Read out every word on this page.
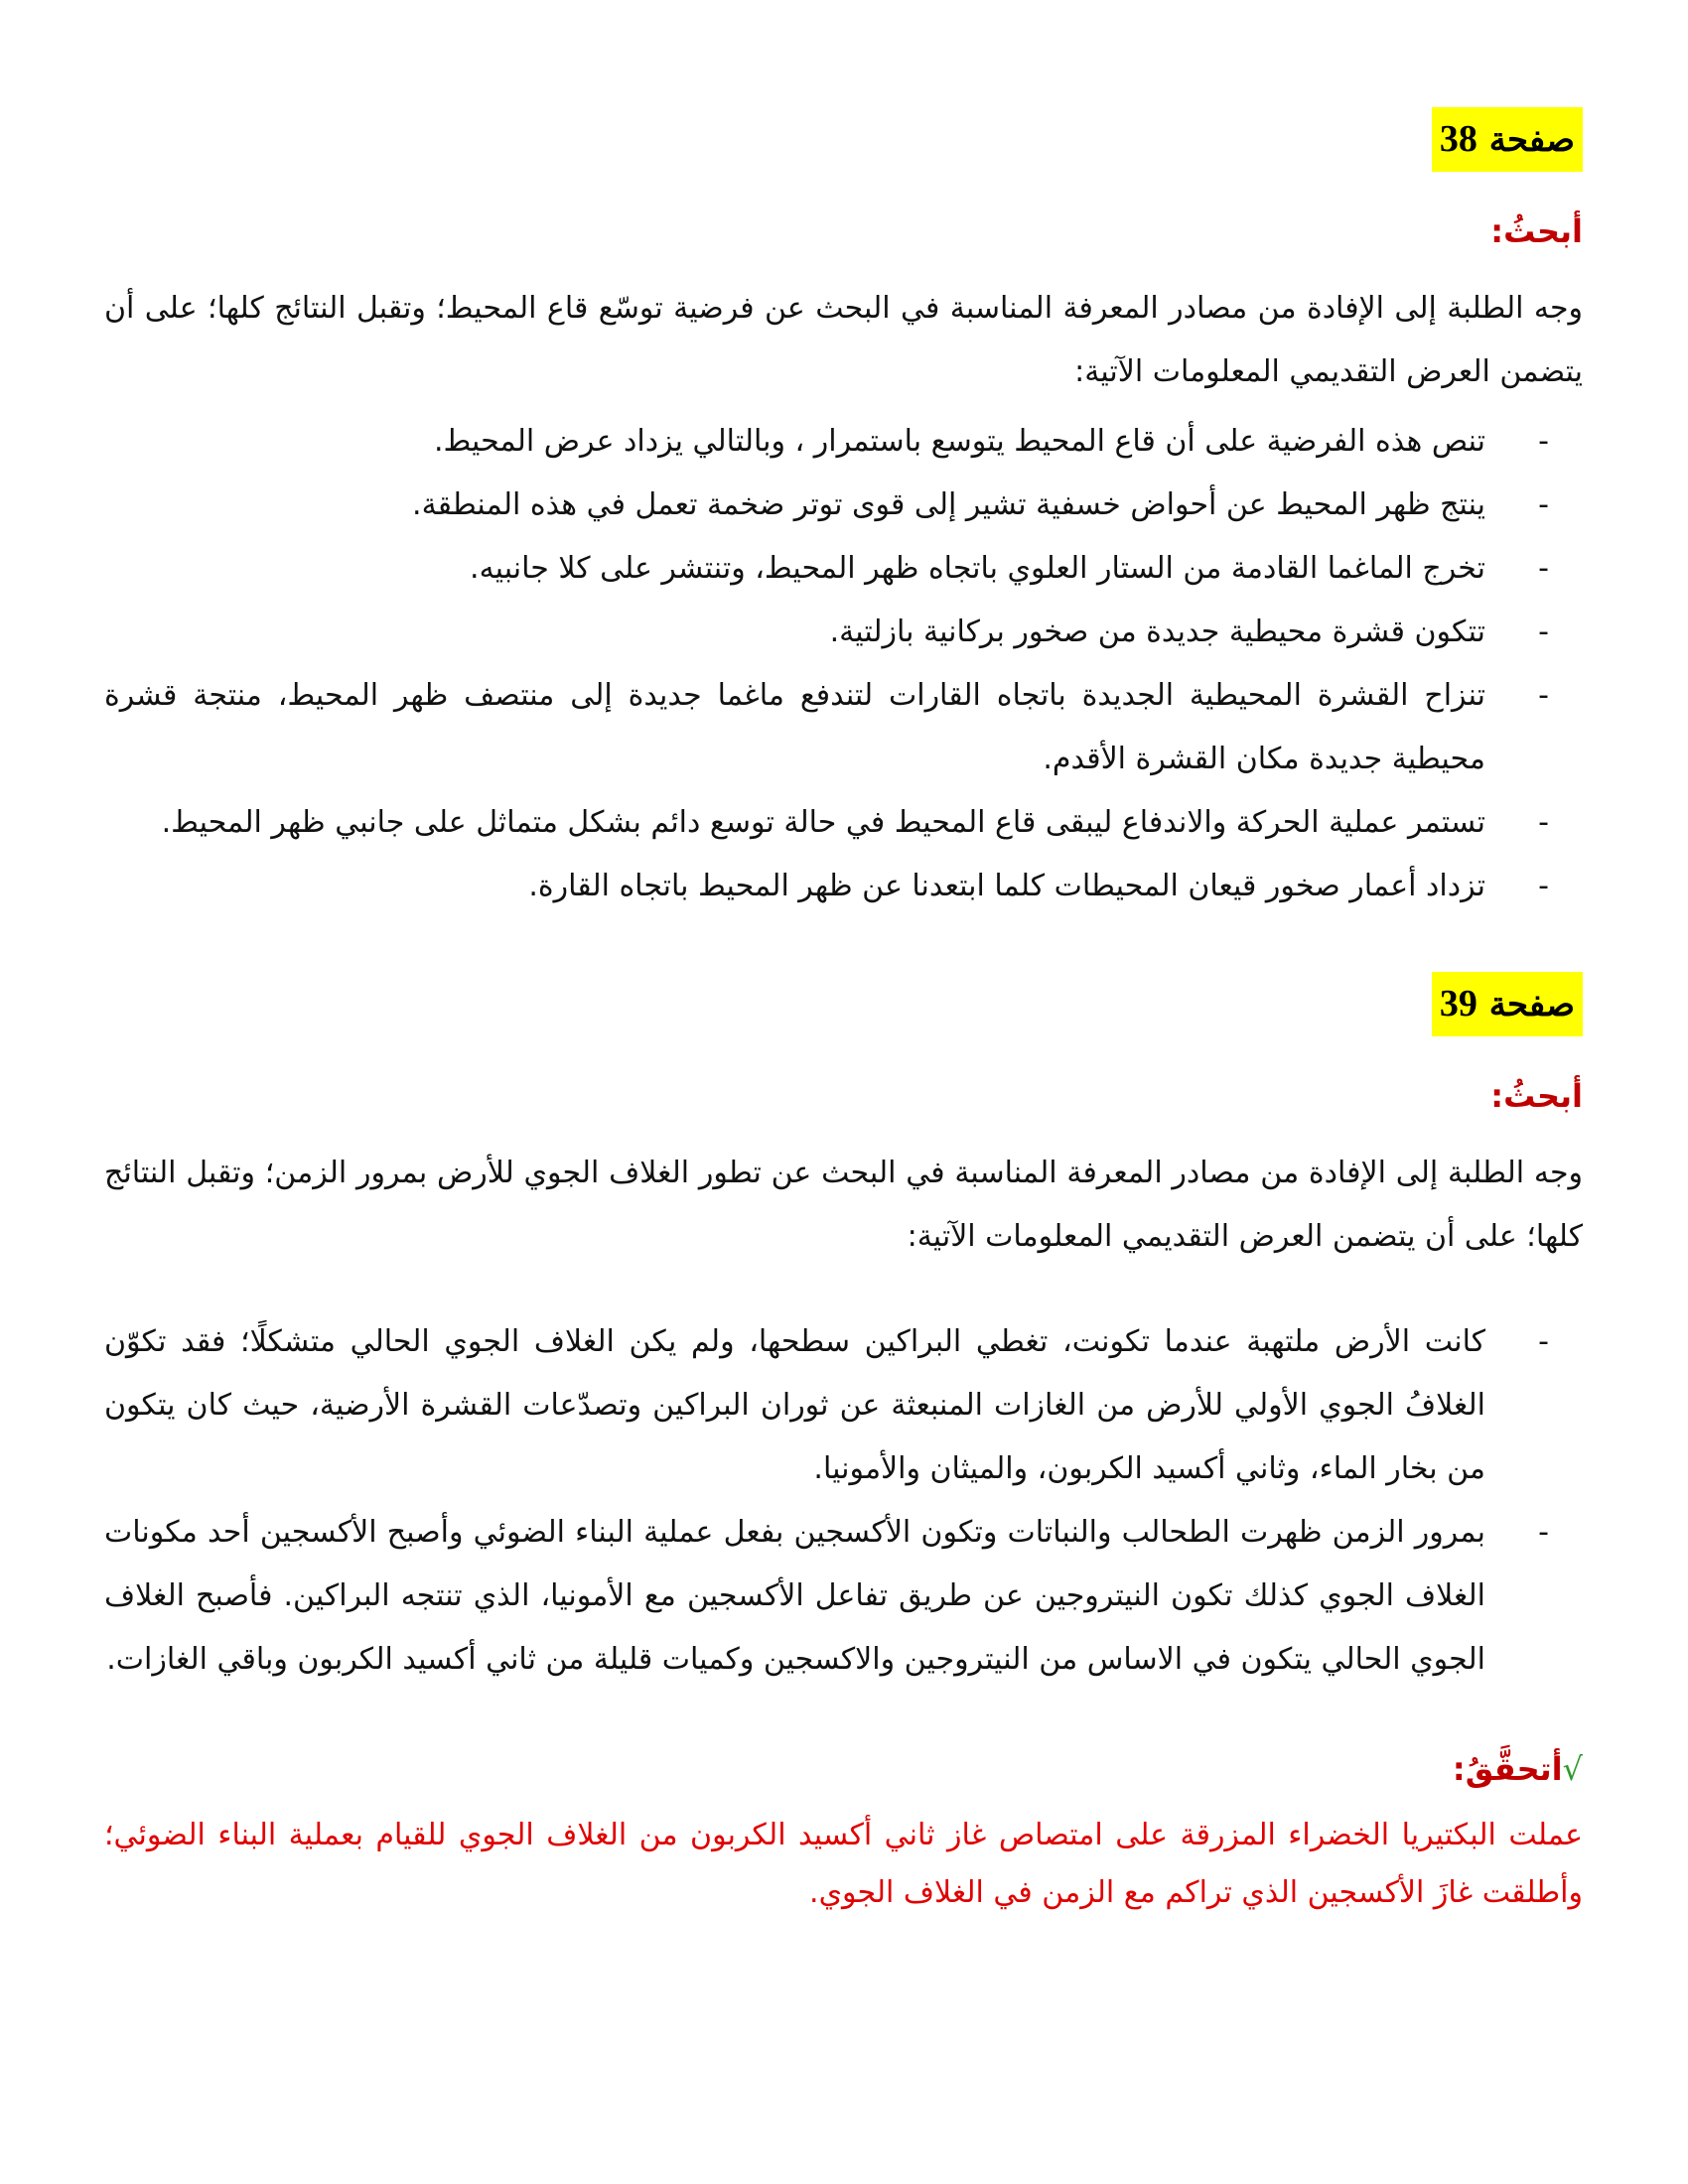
صفحة 38
أبحثُ:

وجه الطلبة إلى الإفادة من مصادر المعرفة المناسبة في البحث عن فرضية توسّع قاع المحيط؛ وتقبل النتائج كلها؛ على أن يتضمن العرض التقديمي المعلومات الآتية:

-
تنص هذه الفرضية على أن قاع المحيط يتوسع باستمرار ، وبالتالي يزداد عرض المحيط.
-
ينتج ظهر المحيط عن أحواض خسفية تشير إلى قوى توتر ضخمة تعمل في هذه المنطقة.
-
تخرج الماغما القادمة من الستار العلوي باتجاه ظهر المحيط، وتنتشر على كلا جانبيه.
-
تتكون قشرة محيطية جديدة من صخور بركانية بازلتية.
-
تنزاح القشرة المحيطية الجديدة باتجاه القارات لتندفع ماغما جديدة إلى منتصف ظهر المحيط، منتجة قشرة محيطية جديدة مكان القشرة الأقدم.
-
تستمر عملية الحركة والاندفاع ليبقى قاع المحيط في حالة توسع دائم بشكل متماثل على جانبي ظهر المحيط.
-
تزداد أعمار صخور قيعان المحيطات كلما ابتعدنا عن ظهر المحيط باتجاه القارة.
صفحة 39
أبحثُ:

وجه الطلبة إلى الإفادة من مصادر المعرفة المناسبة في البحث عن تطور الغلاف الجوي للأرض بمرور الزمن؛ وتقبل النتائج كلها؛ على أن يتضمن العرض التقديمي المعلومات الآتية:

-
كانت الأرض ملتهبة عندما تكونت، تغطي البراكين سطحها، ولم يكن الغلاف الجوي الحالي متشكلًا؛ فقد تكوّن الغلافُ الجوي الأولي للأرض من الغازات المنبعثة عن ثوران البراكين وتصدّعات القشرة الأرضية، حيث كان يتكون من بخار الماء، وثاني أكسيد الكربون، والميثان والأمونيا.
-
بمرور الزمن ظهرت الطحالب والنباتات وتكون الأكسجين بفعل عملية البناء الضوئي وأصبح الأكسجين أحد مكونات الغلاف الجوي كذلك تكون النيتروجين عن طريق تفاعل الأكسجين مع الأمونيا، الذي تنتجه البراكين. فأصبح الغلاف الجوي الحالي يتكون في الاساس من النيتروجين والاكسجين وكميات قليلة من ثاني أكسيد الكربون وباقي الغازات.
√أتحقَّقُ:

عملت البكتيريا الخضراء المزرقة على امتصاص غاز ثاني أكسيد الكربون من الغلاف الجوي للقيام بعملية البناء الضوئي؛ وأطلقت غازَ الأكسجين الذي تراكم مع الزمن في الغلاف الجوي.
